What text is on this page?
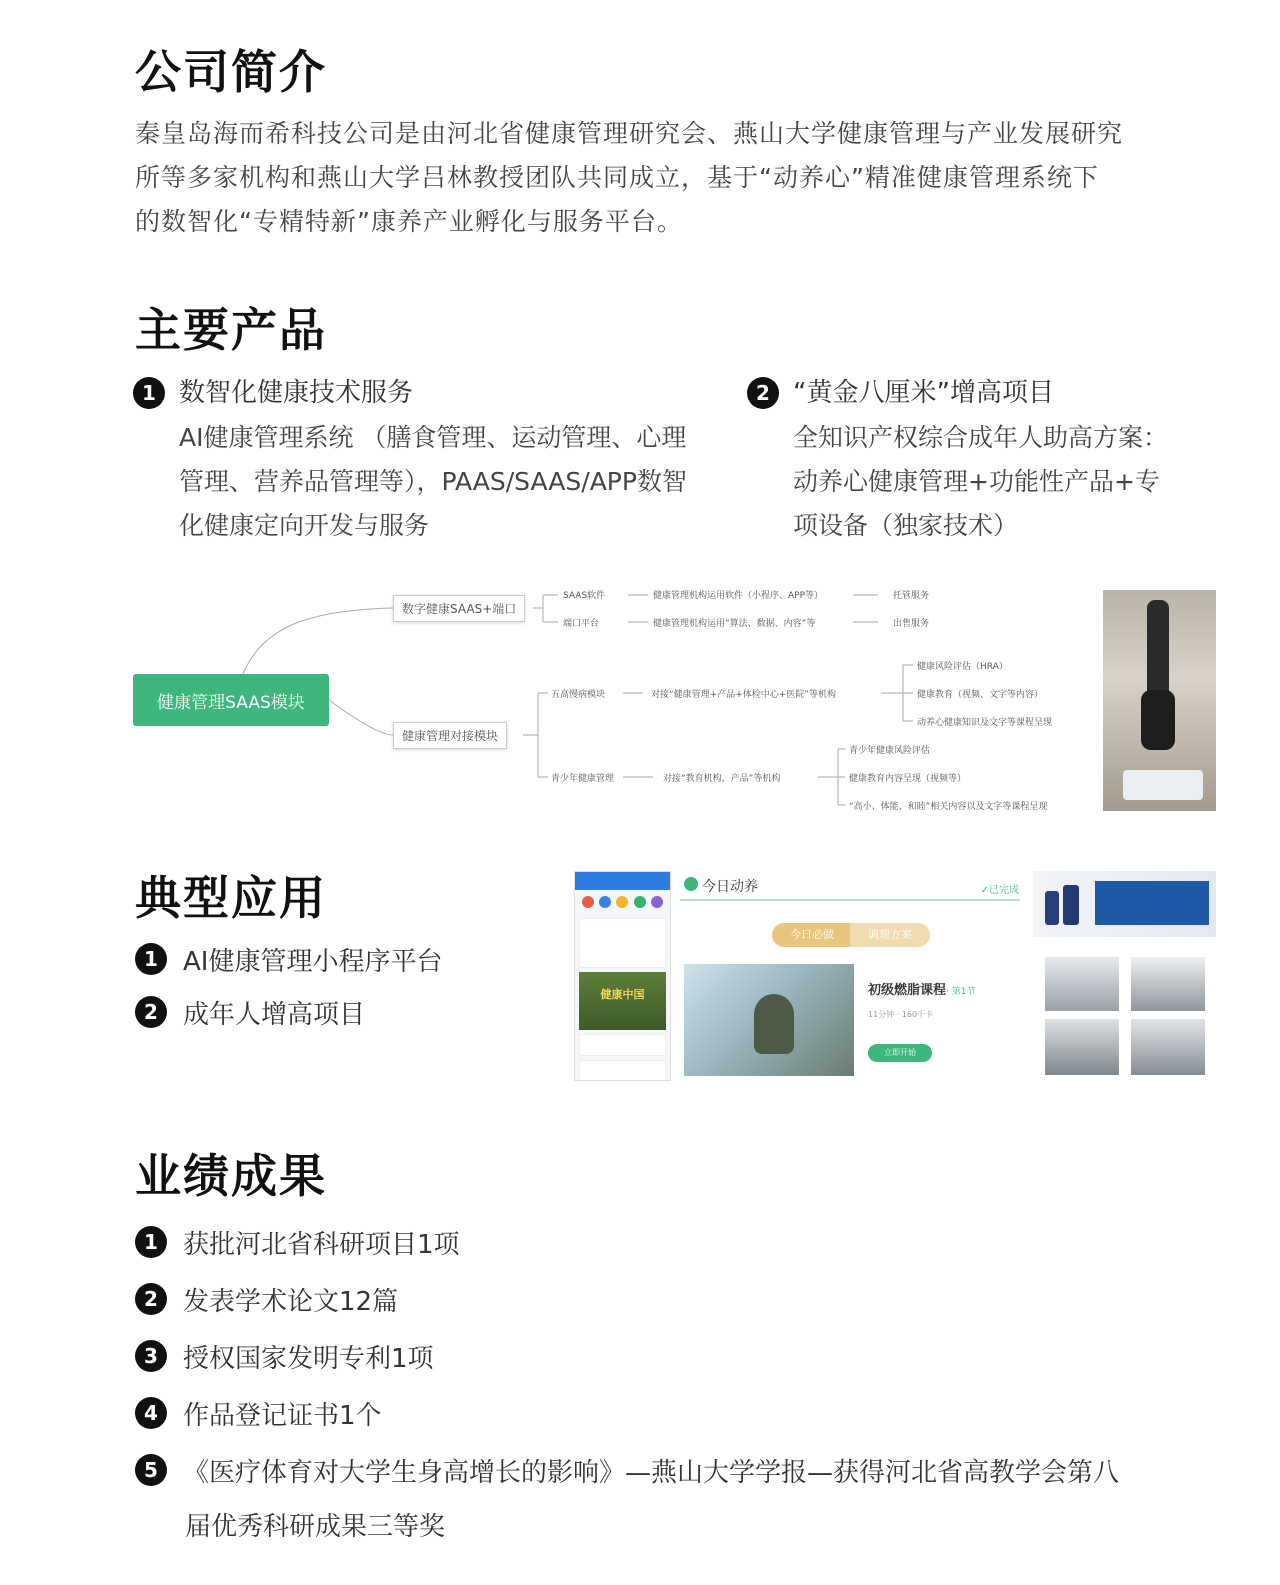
公司简介
秦皇岛海而希科技公司是由河北省健康管理研究会、燕山大学健康管理与产业发展研究
所等多家机构和燕山大学吕林教授团队共同成立，基于“动养心”精准健康管理系统下
的数智化“专精特新”康养产业孵化与服务平台。
主要产品
1 数智化健康技术服务
AI健康管理系统 （膳食管理、运动管理、心理
管理、营养品管理等），PAAS/SAAS/APP数智
化健康定向开发与服务
2 “黄金八厘米”增高项目
全知识产权综合成年人助高方案：
动养心健康管理+功能性产品+专
项设备（独家技术）
健康管理SAAS模块
数字健康SAAS+端口
健康管理对接模块
SAAS软件	健康管理机构运用软件（小程序、APP等）	托管服务
端口平台	健康管理机构运用“算法、数据、内容”等	出售服务
五高慢病模块	对接“健康管理+产品+体检中心+医院”等机构
健康风险评估（HRA）
健康教育（视频、文字等内容）
动养心健康知识及文字等课程呈现
青少年健康管理	对接“教育机构、产品”等机构
青少年健康风险评估
健康教育内容呈现（视频等）
“高小、体能、和睦”相关内容以及文字等课程呈现
典型应用
1 AI健康管理小程序平台
2 成年人增高项目
健康中国
今日动养	✓已完成
今日必做	调理方案
初级燃脂课程· 第1节
11分钟 · 160千卡
立即开始
业绩成果
1 获批河北省科研项目1项
2 发表学术论文12篇
3 授权国家发明专利1项
4 作品登记证书1个
5 《医疗体育对大学生身高增长的影响》—燕山大学学报—获得河北省高教学会第八
届优秀科研成果三等奖
